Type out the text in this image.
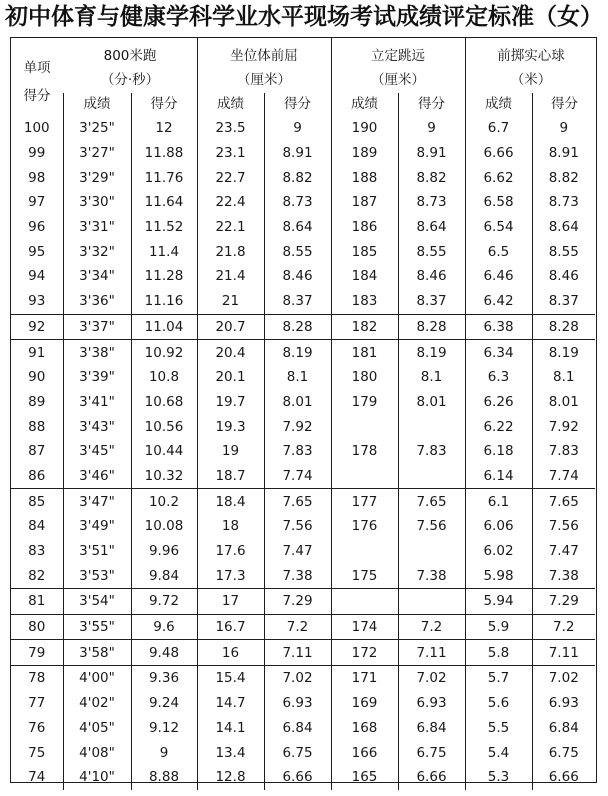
初中体育与健康学科学业水平现场考试成绩评定标准（女）
单项
得分
800米跑
（分·秒）
成绩	得分
坐位体前屈
（厘米）
成绩	得分
立定跳远
（厘米）
成绩	得分
前掷实心球
（米）
成绩	得分
100	3'25"	12	23.5	9	190	9	6.7	9
99	3'27"	11.88	23.1	8.91	189	8.91	6.66	8.91
98	3'29"	11.76	22.7	8.82	188	8.82	6.62	8.82
97	3'30"	11.64	22.4	8.73	187	8.73	6.58	8.73
96	3'31"	11.52	22.1	8.64	186	8.64	6.54	8.64
95	3'32"	11.4	21.8	8.55	185	8.55	6.5	8.55
94	3'34"	11.28	21.4	8.46	184	8.46	6.46	8.46
93	3'36"	11.16	21	8.37	183	8.37	6.42	8.37
92	3'37"	11.04	20.7	8.28	182	8.28	6.38	8.28
91	3'38"	10.92	20.4	8.19	181	8.19	6.34	8.19
90	3'39"	10.8	20.1	8.1	180	8.1	6.3	8.1
89	3'41"	10.68	19.7	8.01	179	8.01	6.26	8.01
88	3'43"	10.56	19.3	7.92			6.22	7.92
87	3'45"	10.44	19	7.83	178	7.83	6.18	7.83
86	3'46"	10.32	18.7	7.74			6.14	7.74
85	3'47"	10.2	18.4	7.65	177	7.65	6.1	7.65
84	3'49"	10.08	18	7.56	176	7.56	6.06	7.56
83	3'51"	9.96	17.6	7.47			6.02	7.47
82	3'53"	9.84	17.3	7.38	175	7.38	5.98	7.38
81	3'54"	9.72	17	7.29			5.94	7.29
80	3'55"	9.6	16.7	7.2	174	7.2	5.9	7.2
79	3'58"	9.48	16	7.11	172	7.11	5.8	7.11
78	4'00"	9.36	15.4	7.02	171	7.02	5.7	7.02
77	4'02"	9.24	14.7	6.93	169	6.93	5.6	6.93
76	4'05"	9.12	14.1	6.84	168	6.84	5.5	6.84
75	4'08"	9	13.4	6.75	166	6.75	5.4	6.75
74	4'10"	8.88	12.8	6.66	165	6.66	5.3	6.66
